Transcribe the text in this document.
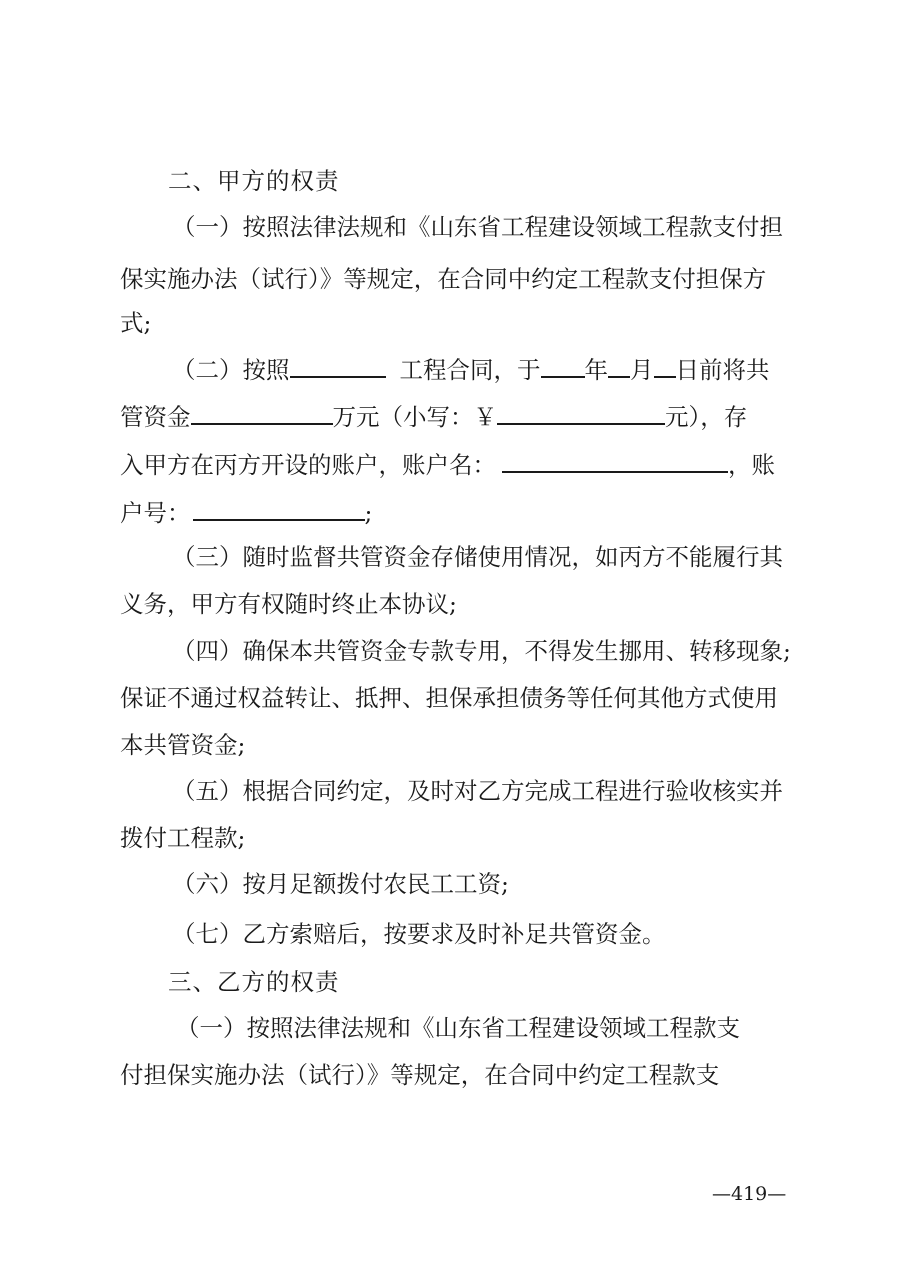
二、甲方的权责
（一）按照法律法规和《山东省工程建设领域工程款支付担
保实施办法（试行）》等规定，在合同中约定工程款支付担保方
式;
（二）按照	工程合同，于 年 月 日前将共
管资金	万元（小写：￥	元），存
入甲方在丙方开设的账户，账户名：	，账
户号：	;
（三）随时监督共管资金存储使用情况，如丙方不能履行其
义务，甲方有权随时终止本协议;
（四）确保本共管资金专款专用，不得发生挪用、转移现象;
保证不通过权益转让、抵押、担保承担债务等任何其他方式使用
本共管资金;
（五）根据合同约定，及时对乙方完成工程进行验收核实并
拨付工程款;
（六）按月足额拨付农民工工资;
（七）乙方索赔后，按要求及时补足共管资金。
三、乙方的权责
（一）按照法律法规和《山东省工程建设领域工程款支
付担保实施办法（试行）》等规定，在合同中约定工程款支
—419—
